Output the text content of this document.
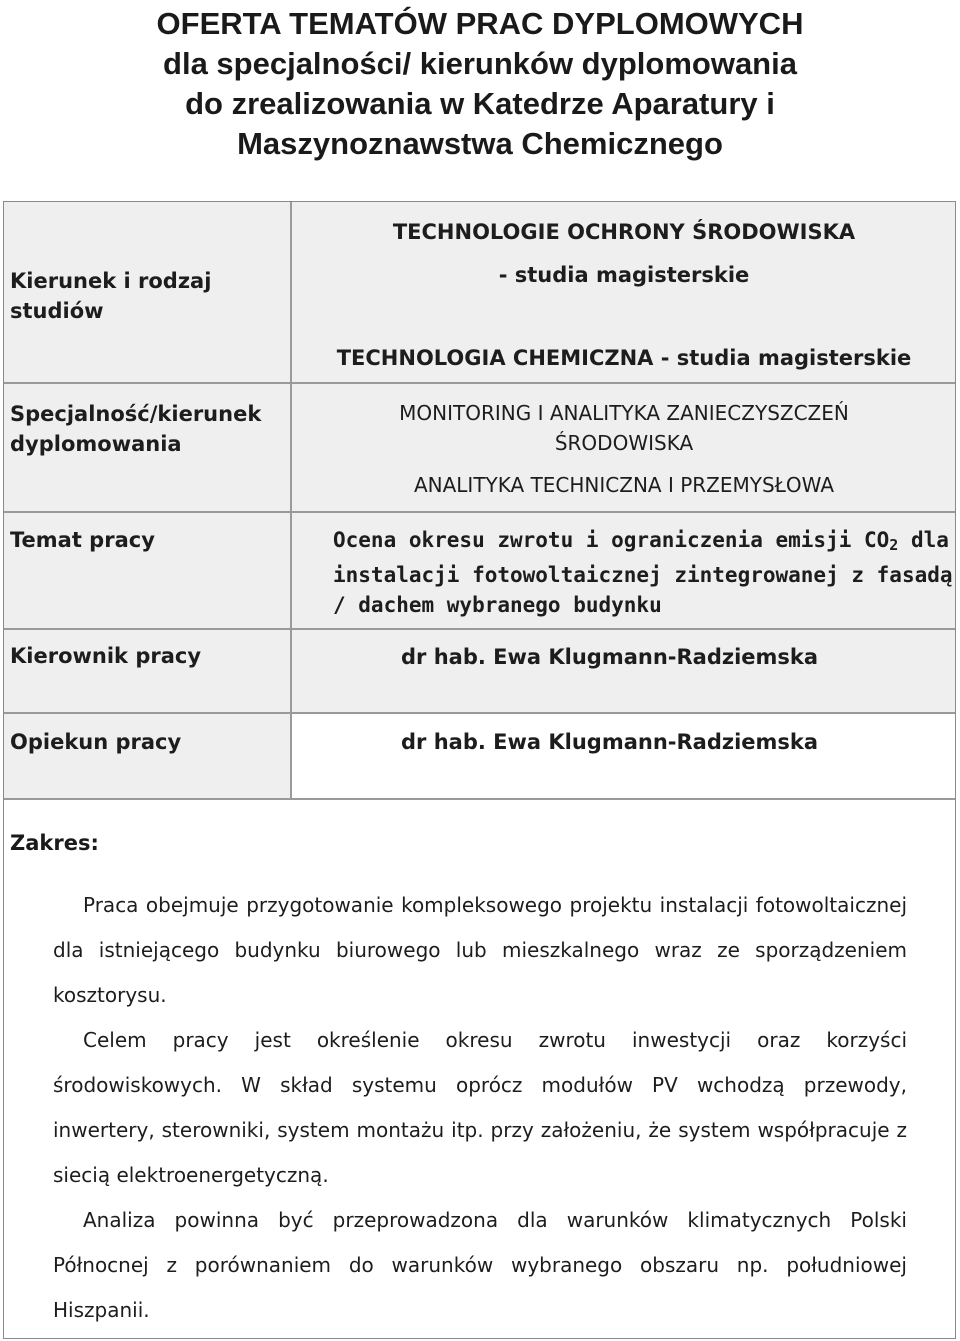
OFERTA TEMATÓW PRAC DYPLOMOWYCH
dla specjalności/ kierunków dyplomowania
do zrealizowania w Katedrze Aparatury i
Maszynoznawstwa Chemicznego
Kierunek i rodzaj studiów
Specjalność/kierunek dyplomowania
Temat pracy
Kierownik pracy
Opiekun pracy
TECHNOLOGIE OCHRONY ŚRODOWISKA
- studia magisterskie
TECHNOLOGIA CHEMICZNA - studia magisterskie
MONITORING I ANALITYKA ZANIECZYSZCZEŃ ŚRODOWISKA
ANALITYKA TECHNICZNA I PRZEMYSŁOWA
Ocena okresu zwrotu i ograniczenia emisji $CO_2$ dla instalacji fotowoltaicznej zintegrowanej z fasadą / dachem wybranego budynku
dr hab. Ewa Klugmann-Radziemska
dr hab. Ewa Klugmann-Radziemska
Zakres:
Praca obejmuje przygotowanie kompleksowego projektu instalacji fotowoltaicznej dla istniejącego budynku biurowego lub mieszkalnego wraz ze sporządzeniem kosztorysu.
Celem pracy jest określenie okresu zwrotu inwestycji oraz korzyści środowiskowych. W skład systemu oprócz modułów PV wchodzą przewody, inwertery, sterowniki, system montażu itp. przy założeniu, że system współpracuje z siecią elektroenergetyczną.
Analiza powinna być przeprowadzona dla warunków klimatycznych Polski Północnej z porównaniem do warunków wybranego obszaru np. południowej Hiszpanii.
